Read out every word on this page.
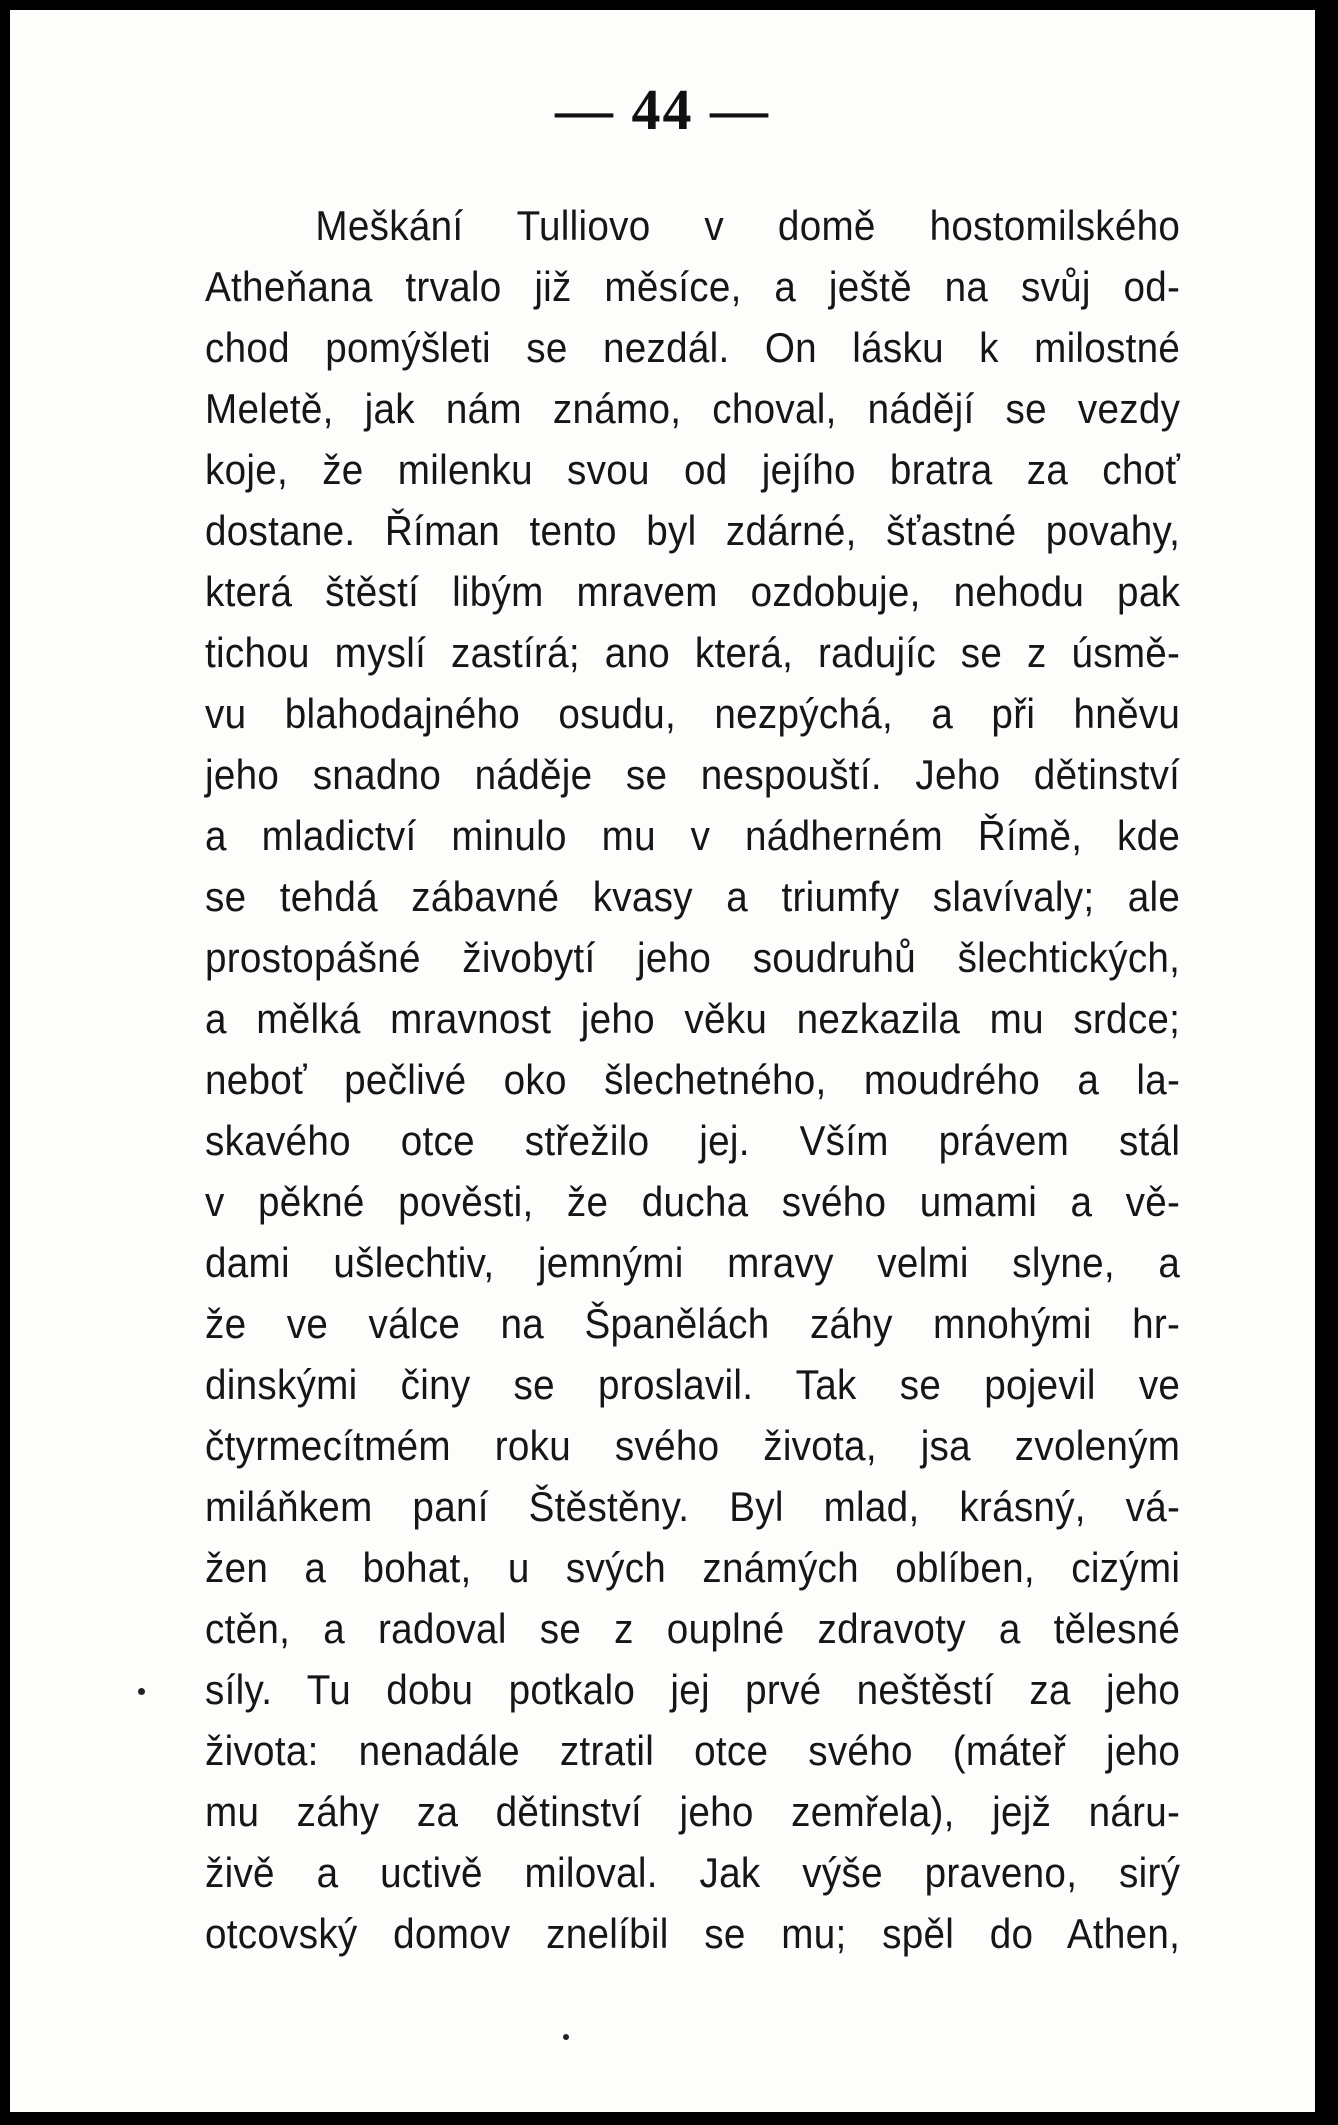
— 44 —
Meškání Tulliovo v domě hostomilského
Atheňana trvalo již měsíce, a ještě na svůj od-
chod pomýšleti se nezdál. On lásku k milostné
Meletě, jak nám známo, choval, nádějí se vezdy
koje, že milenku svou od jejího bratra za choť
dostane. Říman tento byl zdárné, šťastné povahy,
která štěstí libým mravem ozdobuje, nehodu pak
tichou myslí zastírá; ano která, radujíc se z úsmě-
vu blahodajného osudu, nezpýchá, a při hněvu
jeho snadno náděje se nespouští. Jeho dětinství
a mladictví minulo mu v nádherném Římě, kde
se tehdá zábavné kvasy a triumfy slavívaly; ale
prostopášné živobytí jeho soudruhů šlechtických,
a mělká mravnost jeho věku nezkazila mu srdce;
neboť pečlivé oko šlechetného, moudrého a la-
skavého otce střežilo jej. Vším právem stál
v pěkné pověsti, že ducha svého umami a vě-
dami ušlechtiv, jemnými mravy velmi slyne, a
že ve válce na Španělách záhy mnohými hr-
dinskými činy se proslavil. Tak se pojevil ve
čtyrmecítmém roku svého života, jsa zvoleným
miláňkem paní Štěstěny. Byl mlad, krásný, vá-
žen a bohat, u svých známých oblíben, cizými
ctěn, a radoval se z ouplné zdravoty a tělesné
síly. Tu dobu potkalo jej prvé neštěstí za jeho
života: nenadále ztratil otce svého (máteř jeho
mu záhy za dětinství jeho zemřela), jejž náru-
živě a uctivě miloval. Jak výše praveno, sirý
otcovský domov znelíbil se mu; spěl do Athen,
